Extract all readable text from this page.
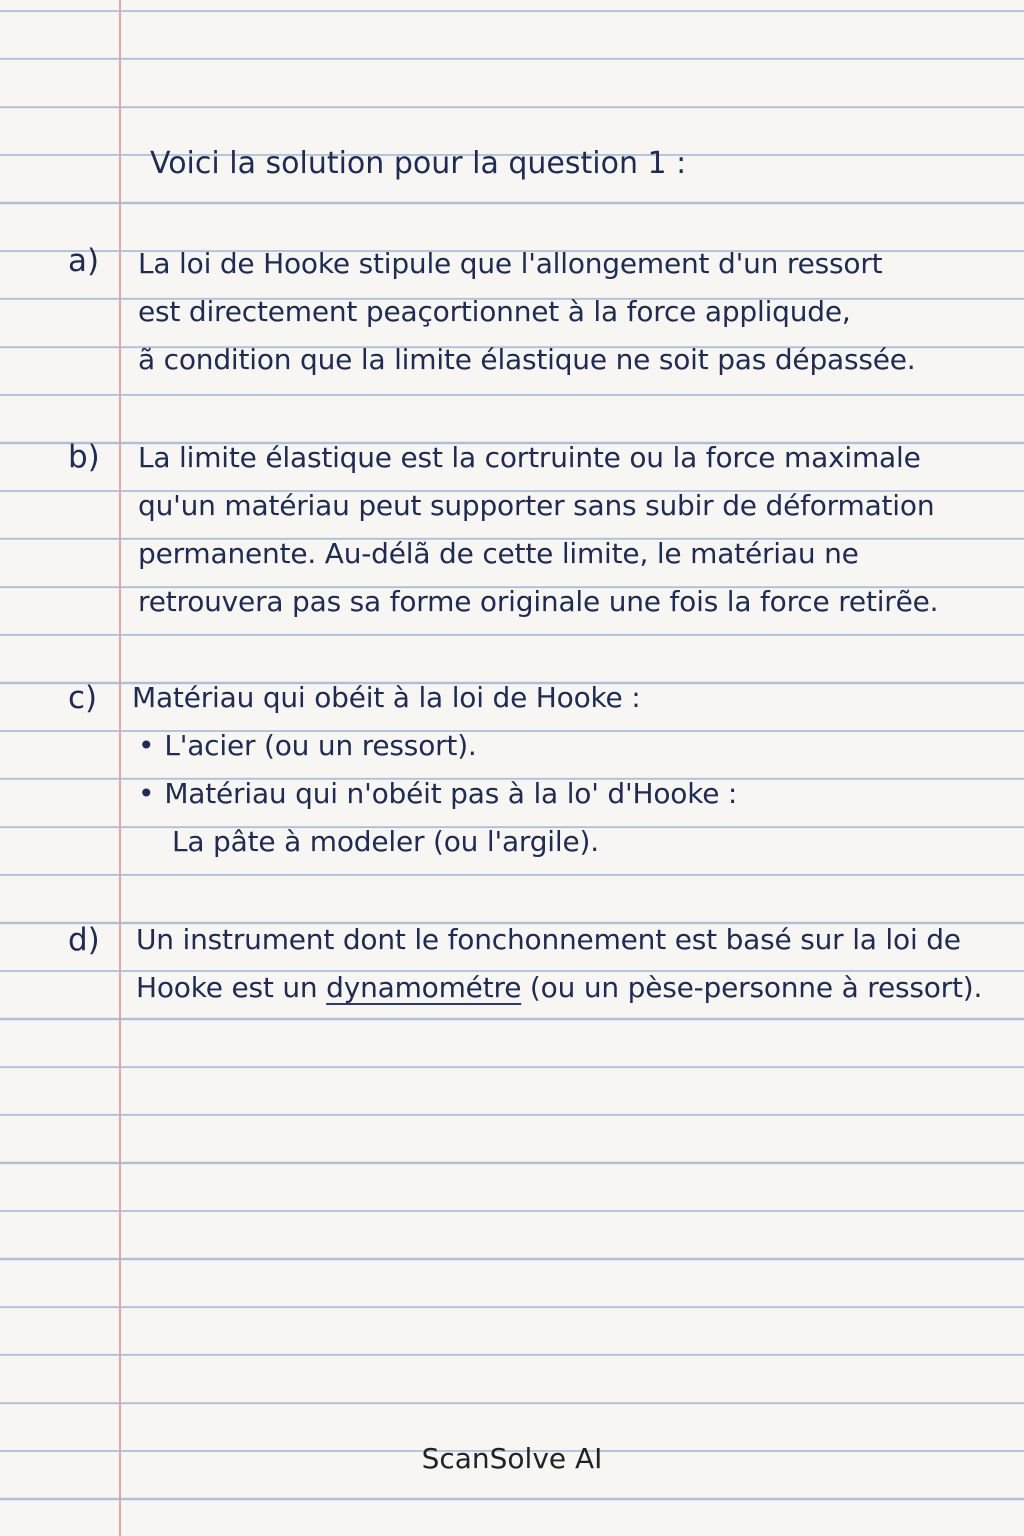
Voici la solution pour la question 1 :
a) La loi de Hooke stipule que l'allongement d'un ressort
est directement peaçortionnet à la force appliqude,
ã condition que la limite élastique ne soit pas dépassée.
b) La limite élastique est la cortruinte ou la force maximale
qu'un matériau peut supporter sans subir de déformation
permanente. Au-délã de cette limite, le matériau ne
retrouvera pas sa forme originale une fois la force retirẽe.
c) Matériau qui obéit à la loi de Hooke :
• L'acier (ou un ressort).
• Matériau qui n'obéit pas à la lo' d'Hooke :
La pâte à modeler (ou l'argile).
d) Un instrument dont le fonchonnement est basé sur la loi de
Hooke est un dynamométre (ou un pèse-personne à ressort).
ScanSolve AI
